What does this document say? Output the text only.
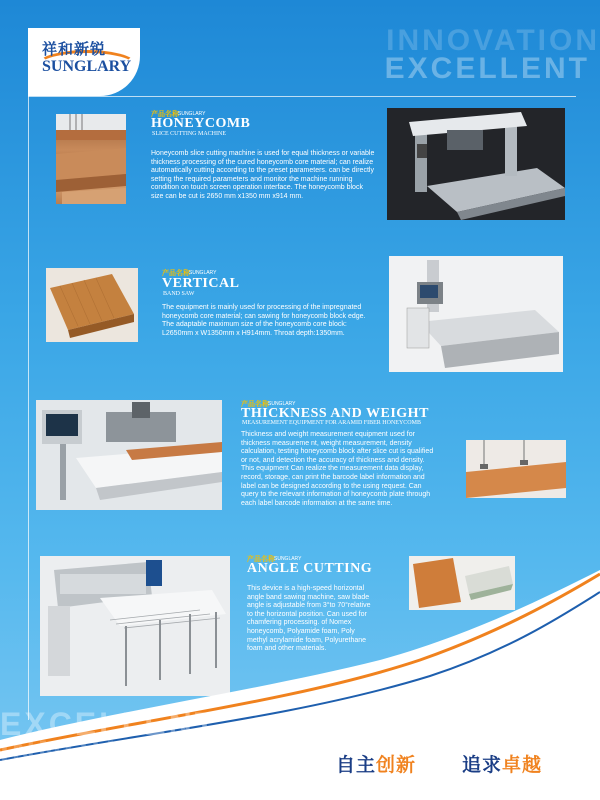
INNOVATION
EXCELLENT
祥和新锐
SUNGLARY
产品名称 SUNGLARY
HONEYCOMB
SLICE CUTTING MACHINE

Honeycomb slice cutting machine is used for equal thickness or variable thickness processing of the cured honeycomb core material; can realize automatically cutting according to the preset parameters. can be directly setting the required parameters and monitor the machine running condition on touch screen operation interface. The honeycomb block size can be cut is 2650 mm x1350 mm x914 mm.

产品名称 SUNGLARY
VERTICAL
BAND SAW

The equipment is mainly used for processing of the impregnated honeycomb core material; can sawing for honeycomb block edge. The adaptable maximum size of the honeycomb core block: L2650mm x W1350mm x H914mm. Throat depth:1350mm.

产品名称 SUNGLARY
THICKNESS AND WEIGHT
MEASUREMENT EQUIPMENT FOR ARAMID FIBER HONEYCOMB

Thickness and weight measurement equipment used for thickness measureme nt, weight measurement, density calculation, testing honeycomb block after slice cut is qualified or not, and detection the accuracy of thickness and density. This equipment Can realize the measurement data display, record, storage, can print the barcode label information and label can be designed according to the using request. Can query to the relevant information of honeycomb plate through each label barcode information at the same time.

产品名称 SUNGLARY
ANGLE CUTTING

This device is a high-speed horizontal angle band sawing machine, saw blade angle is adjustable from 3°to 70°relative to the horizontal position. Can used for chamfering processing. of Nomex honeycomb, Polyamide foam, Poly methyl acrylamide foam, Polyurethane foam and other materials.

EXCELLENT
INNOVATION	自主创新 追求卓越
